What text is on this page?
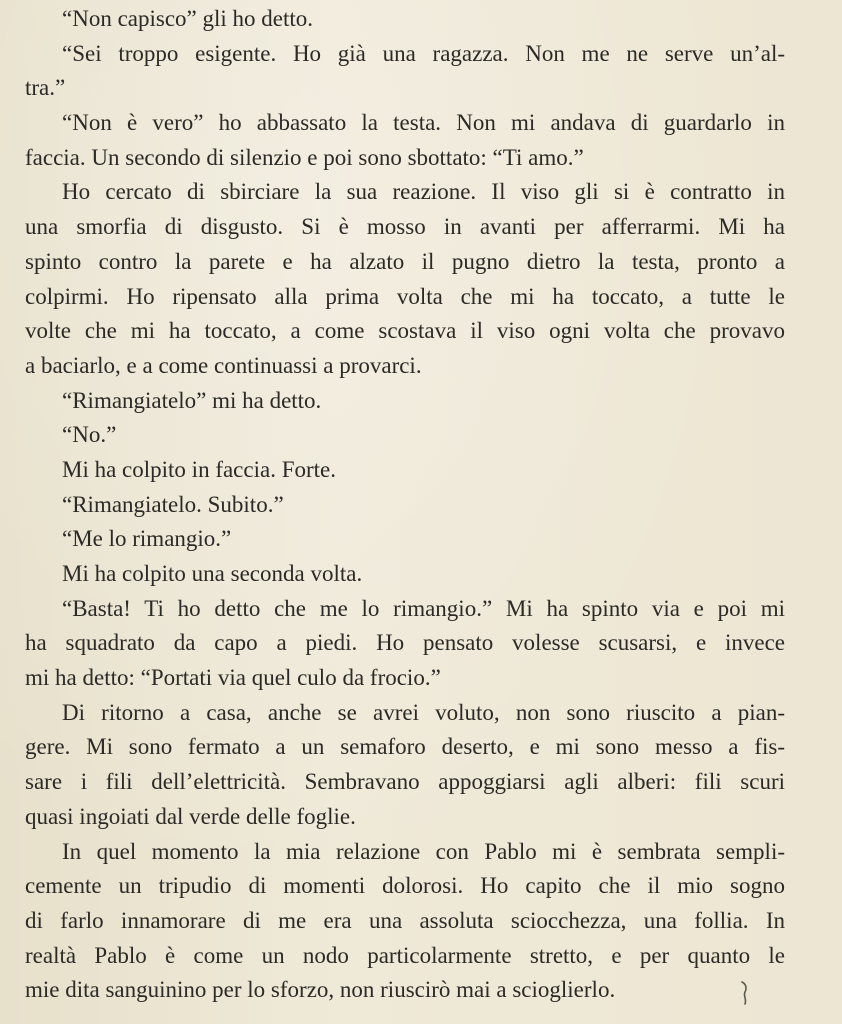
“Non capisco” gli ho detto.
“Sei troppo esigente. Ho già una ragazza. Non me ne serve un’al-
tra.”
“Non è vero” ho abbassato la testa. Non mi andava di guardarlo in
faccia. Un secondo di silenzio e poi sono sbottato: “Ti amo.”
Ho cercato di sbirciare la sua reazione. Il viso gli si è contratto in
una smorfia di disgusto. Si è mosso in avanti per afferrarmi. Mi ha
spinto contro la parete e ha alzato il pugno dietro la testa, pronto a
colpirmi. Ho ripensato alla prima volta che mi ha toccato, a tutte le
volte che mi ha toccato, a come scostava il viso ogni volta che provavo
a baciarlo, e a come continuassi a provarci.
“Rimangiatelo” mi ha detto.
“No.”
Mi ha colpito in faccia. Forte.
“Rimangiatelo. Subito.”
“Me lo rimangio.”
Mi ha colpito una seconda volta.
“Basta! Ti ho detto che me lo rimangio.” Mi ha spinto via e poi mi
ha squadrato da capo a piedi. Ho pensato volesse scusarsi, e invece
mi ha detto: “Portati via quel culo da frocio.”
Di ritorno a casa, anche se avrei voluto, non sono riuscito a pian-
gere. Mi sono fermato a un semaforo deserto, e mi sono messo a fis-
sare i fili dell’elettricità. Sembravano appoggiarsi agli alberi: fili scuri
quasi ingoiati dal verde delle foglie.
In quel momento la mia relazione con Pablo mi è sembrata sempli-
cemente un tripudio di momenti dolorosi. Ho capito che il mio sogno
di farlo innamorare di me era una assoluta sciocchezza, una follia. In
realtà Pablo è come un nodo particolarmente stretto, e per quanto le
mie dita sanguinino per lo sforzo, non riuscirò mai a scioglierlo.
